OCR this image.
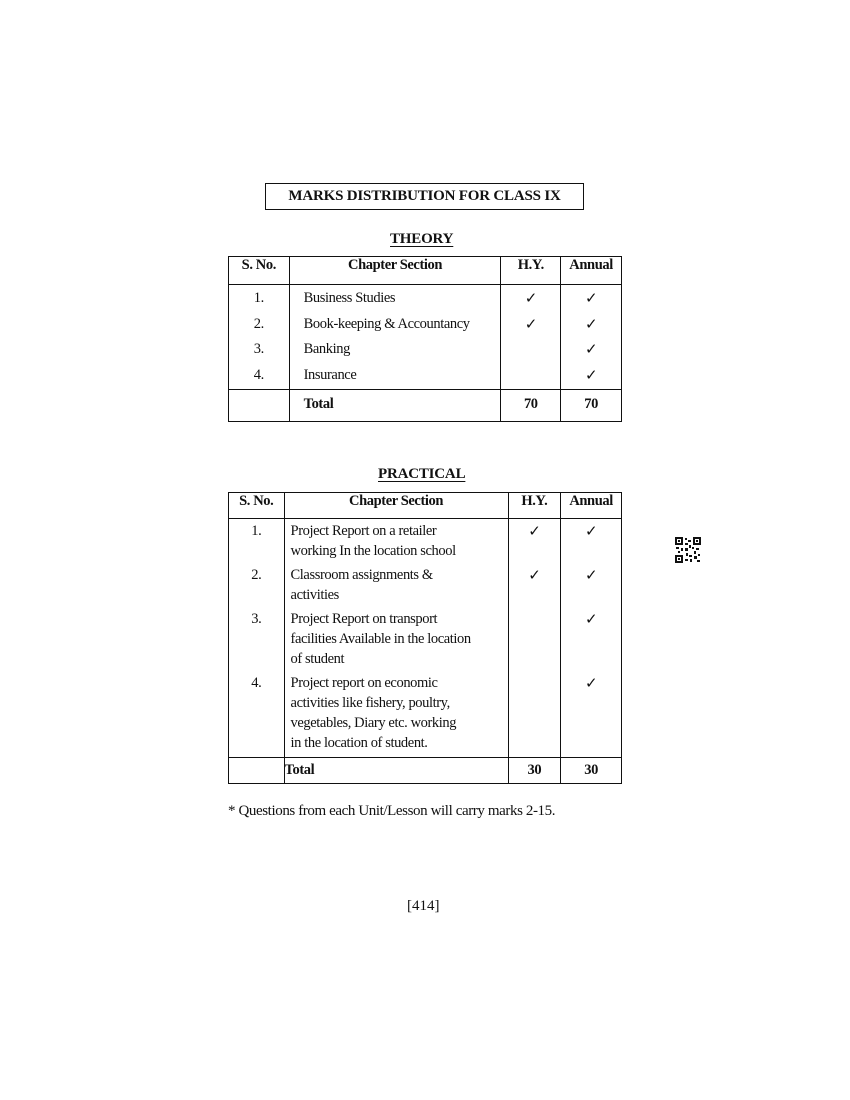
MARKS DISTRIBUTION FOR CLASS IX
THEORY
S. No.	Chapter Section	H.Y.	Annual
1.	Business Studies	✓	✓
2.	Book-keeping & Accountancy	✓	✓
3.	Banking		✓
4.	Insurance		✓
	Total	70	70
PRACTICAL
S. No.	Chapter Section	H.Y.	Annual
1.	Project Report on a retailer
working In the location school	✓	✓
2.	Classroom assignments &
activities	✓	✓
3.	Project Report on transport
facilities Available in the location
of student		✓
4.	Project report on economic
activities like fishery, poultry,
vegetables, Diary etc. working
in the location of student.		✓
	Total	30	30
* Questions from each Unit/Lesson will carry marks 2-15.
[414]
